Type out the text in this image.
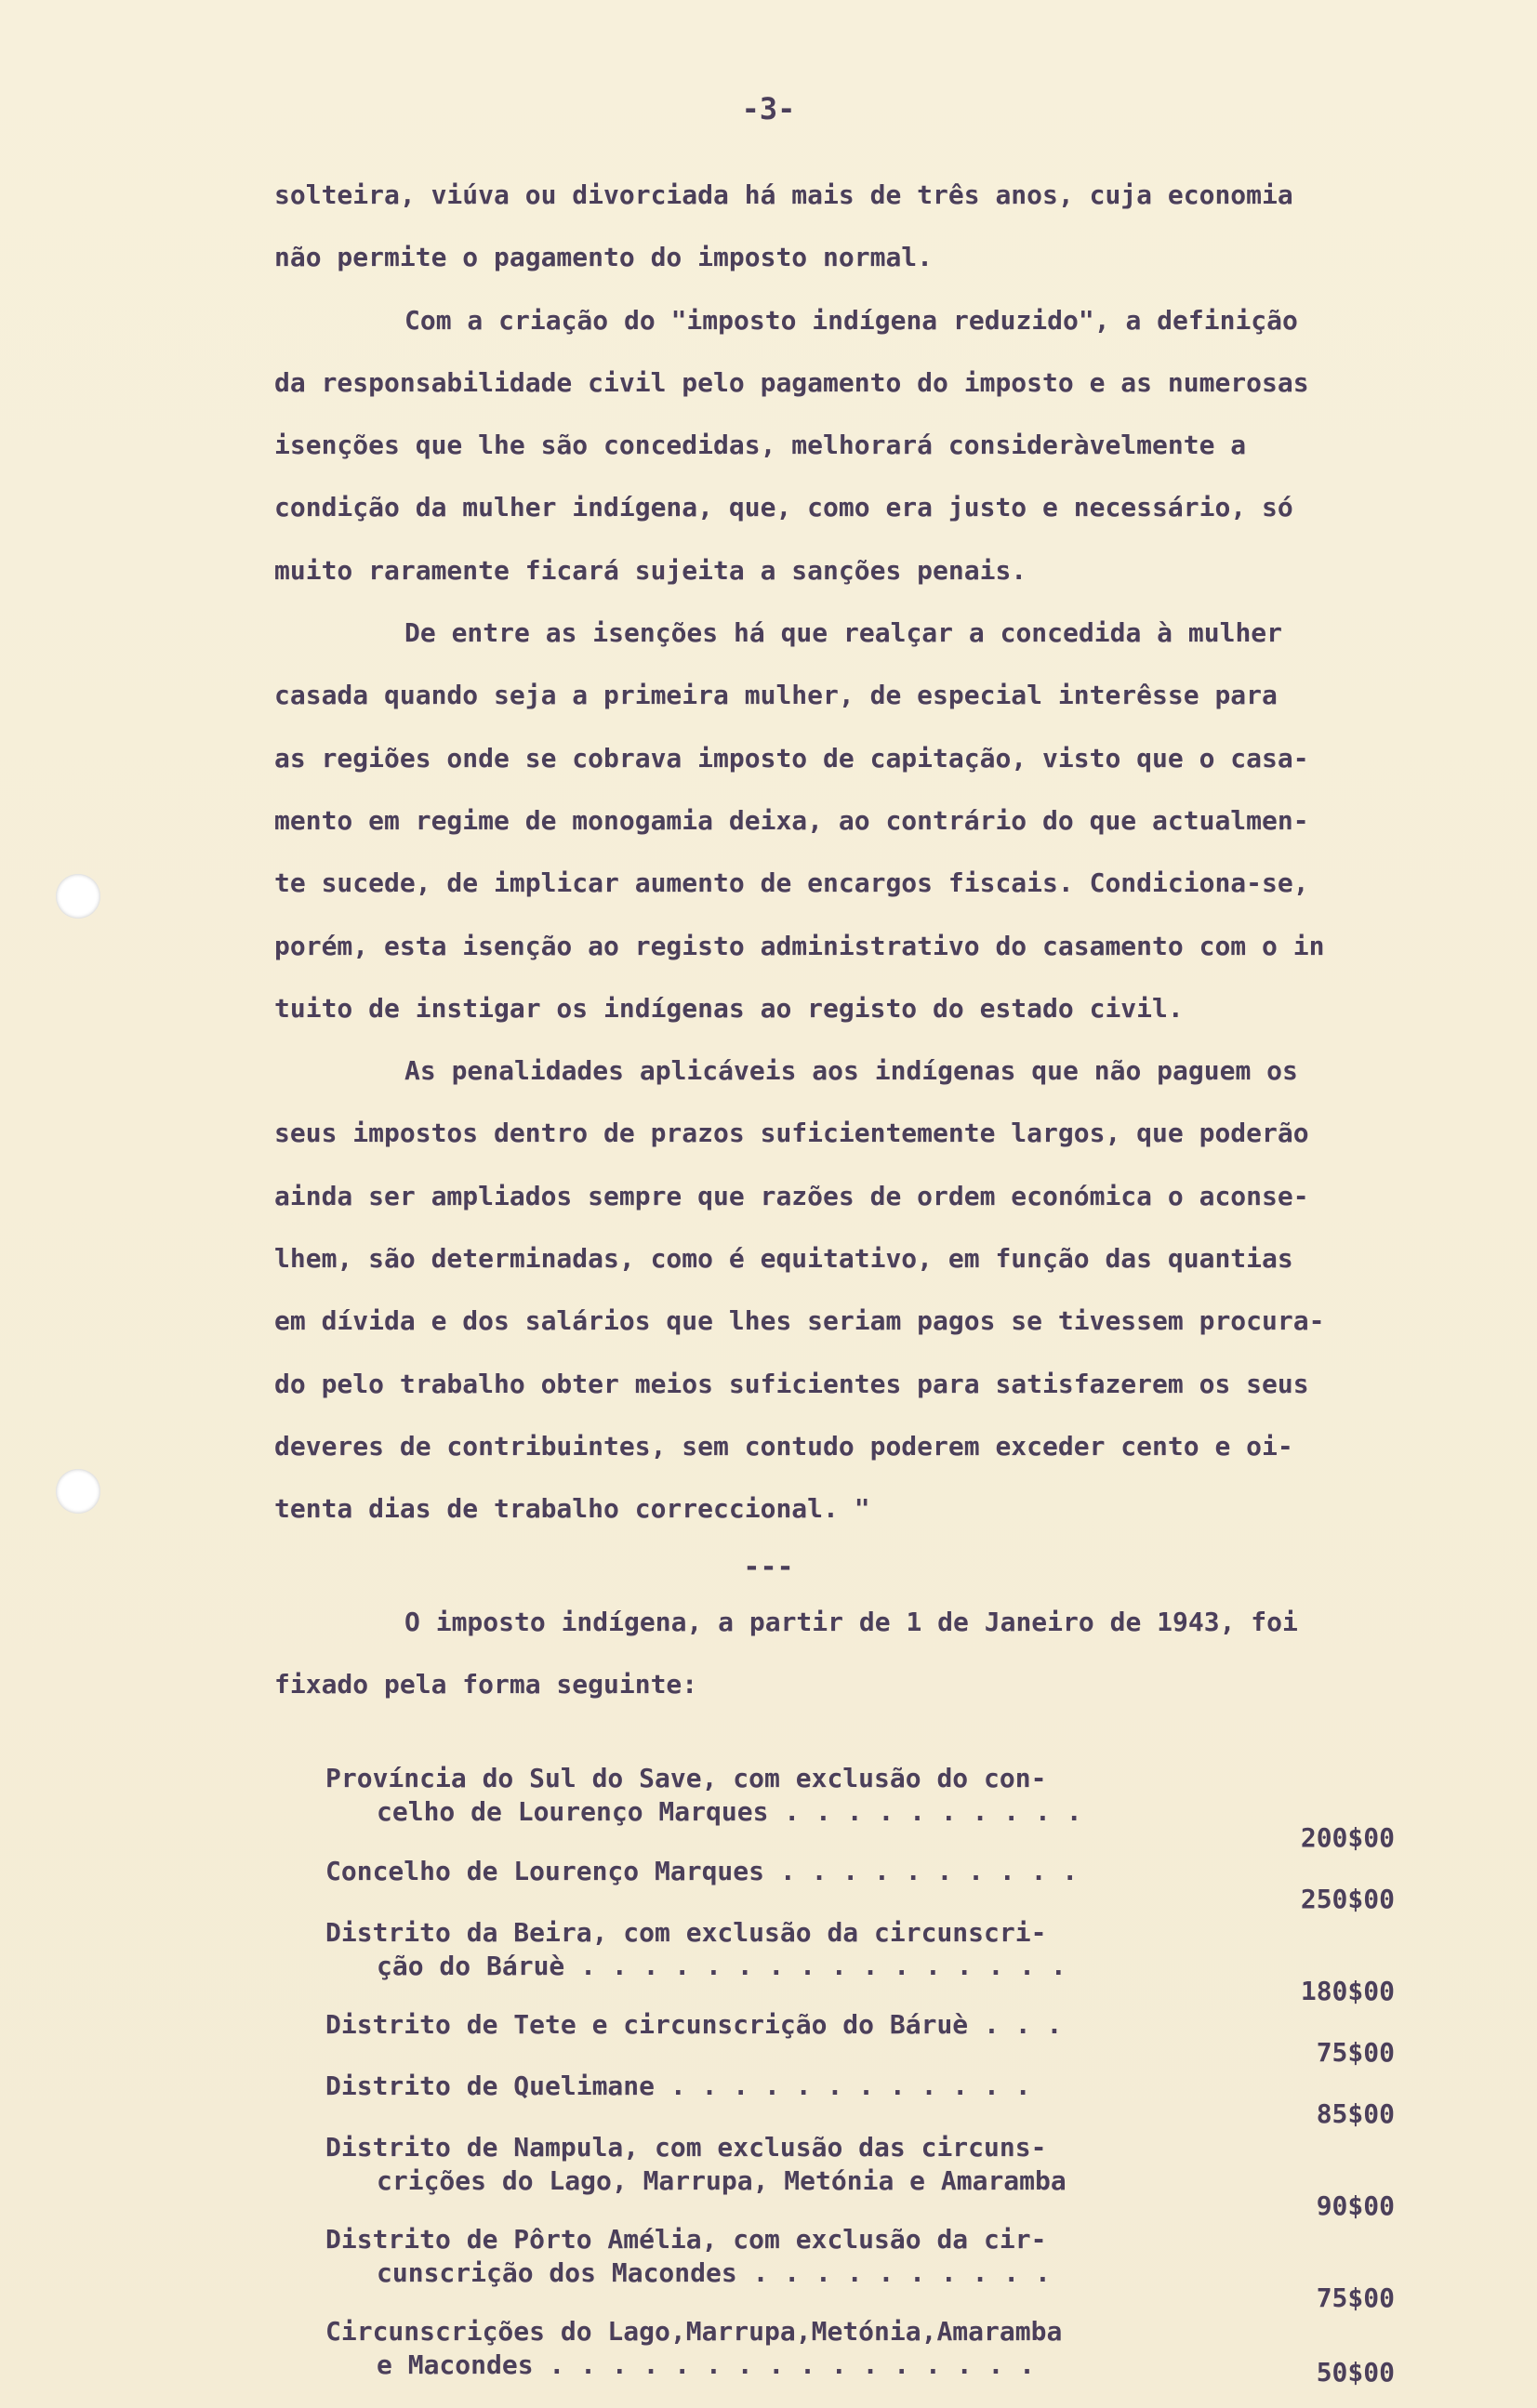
-3-
solteira, viúva ou divorciada há mais de três anos, cuja economia
não permite o pagamento do imposto normal.
Com a criação do "imposto indígena reduzido", a definição
da responsabilidade civil pelo pagamento do imposto e as numerosas
isenções que lhe são concedidas, melhorará consideràvelmente a
condição da mulher indígena, que, como era justo e necessário, só
muito raramente ficará sujeita a sanções penais.
De entre as isenções há que realçar a concedida à mulher
casada quando seja a primeira mulher, de especial interêsse para
as regiões onde se cobrava imposto de capitação, visto que o casa-
mento em regime de monogamia deixa, ao contrário do que actualmen-
te sucede, de implicar aumento de encargos fiscais. Condiciona-se,
porém, esta isenção ao registo administrativo do casamento com o in
tuito de instigar os indígenas ao registo do estado civil.
As penalidades aplicáveis aos indígenas que não paguem os
seus impostos dentro de prazos suficientemente largos, que poderão
ainda ser ampliados sempre que razões de ordem económica o aconse-
lhem, são determinadas, como é equitativo, em função das quantias
em dívida e dos salários que lhes seriam pagos se tivessem procura-
do pelo trabalho obter meios suficientes para satisfazerem os seus
deveres de contribuintes, sem contudo poderem exceder cento e oi-
tenta dias de trabalho correccional. "
---
O imposto indígena, a partir de 1 de Janeiro de 1943, foi
fixado pela forma seguinte:
Província do Sul do Save, com exclusão do con-
celho de Lourenço Marques . . . . . . . . . .
200$00
Concelho de Lourenço Marques . . . . . . . . . .
250$00
Distrito da Beira, com exclusão da circunscri-
ção do Báruè . . . . . . . . . . . . . . . .
180$00
Distrito de Tete e circunscrição do Báruè . . .
75$00
Distrito de Quelimane . . . . . . . . . . . .
85$00
Distrito de Nampula, com exclusão das circuns-
crições do Lago, Marrupa, Metónia e Amaramba
90$00
Distrito de Pôrto Amélia, com exclusão da cir-
cunscrição dos Macondes . . . . . . . . . .
75$00
Circunscrições do Lago,Marrupa,Metónia,Amaramba
e Macondes . . . . . . . . . . . . . . . .	50$00
